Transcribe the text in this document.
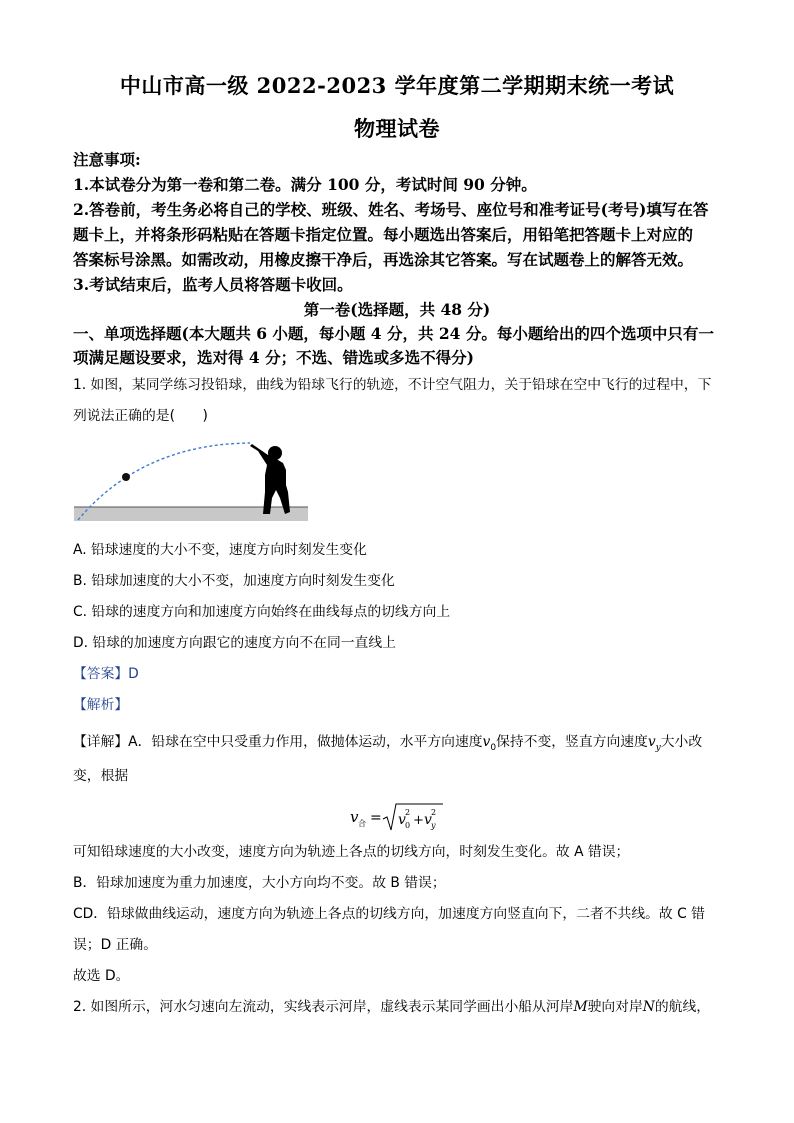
中山市高一级 2022-2023 学年度第二学期期末统一考试
物理试卷
注意事项:
1.本试卷分为第一卷和第二卷。满分 100 分，考试时间 90 分钟。
2.答卷前，考生务必将自己的学校、班级、姓名、考场号、座位号和准考证号(考号)填写在答
题卡上，并将条形码粘贴在答题卡指定位置。每小题选出答案后，用铅笔把答题卡上对应的
答案标号涂黑。如需改动，用橡皮擦干净后，再选涂其它答案。写在试题卷上的解答无效。
3.考试结束后，监考人员将答题卡收回。
第一卷(选择题，共 48 分)
一、单项选择题(本大题共 6 小题，每小题 4 分，共 24 分。每小题给出的四个选项中只有一
项满足题设要求，选对得 4 分；不选、错选或多选不得分)
1. 如图，某同学练习投铅球，曲线为铅球飞行的轨迹，不计空气阻力，关于铅球在空中飞行的过程中，下
列说法正确的是(　　)
A. 铅球速度的大小不变，速度方向时刻发生变化
B. 铅球加速度的大小不变，加速度方向时刻发生变化
C. 铅球的速度方向和加速度方向始终在曲线每点的切线方向上
D. 铅球的加速度方向跟它的速度方向不在同一直线上
【答案】D
【解析】
【详解】A．铅球在空中只受重力作用，做抛体运动，水平方向速度$v_0$保持不变，竖直方向速度$v_y$大小改
变，根据
v 合 = v 0
2
+ v y
2
可知铅球速度的大小改变，速度方向为轨迹上各点的切线方向，时刻发生变化。故 A 错误；
B．铅球加速度为重力加速度，大小方向均不变。故 B 错误；
CD．铅球做曲线运动，速度方向为轨迹上各点的切线方向，加速度方向竖直向下，二者不共线。故 C 错
误；D 正确。
故选 D。
2. 如图所示，河水匀速向左流动，实线表示河岸，虚线表示某同学画出小船从河岸M驶向对岸N的航线，
